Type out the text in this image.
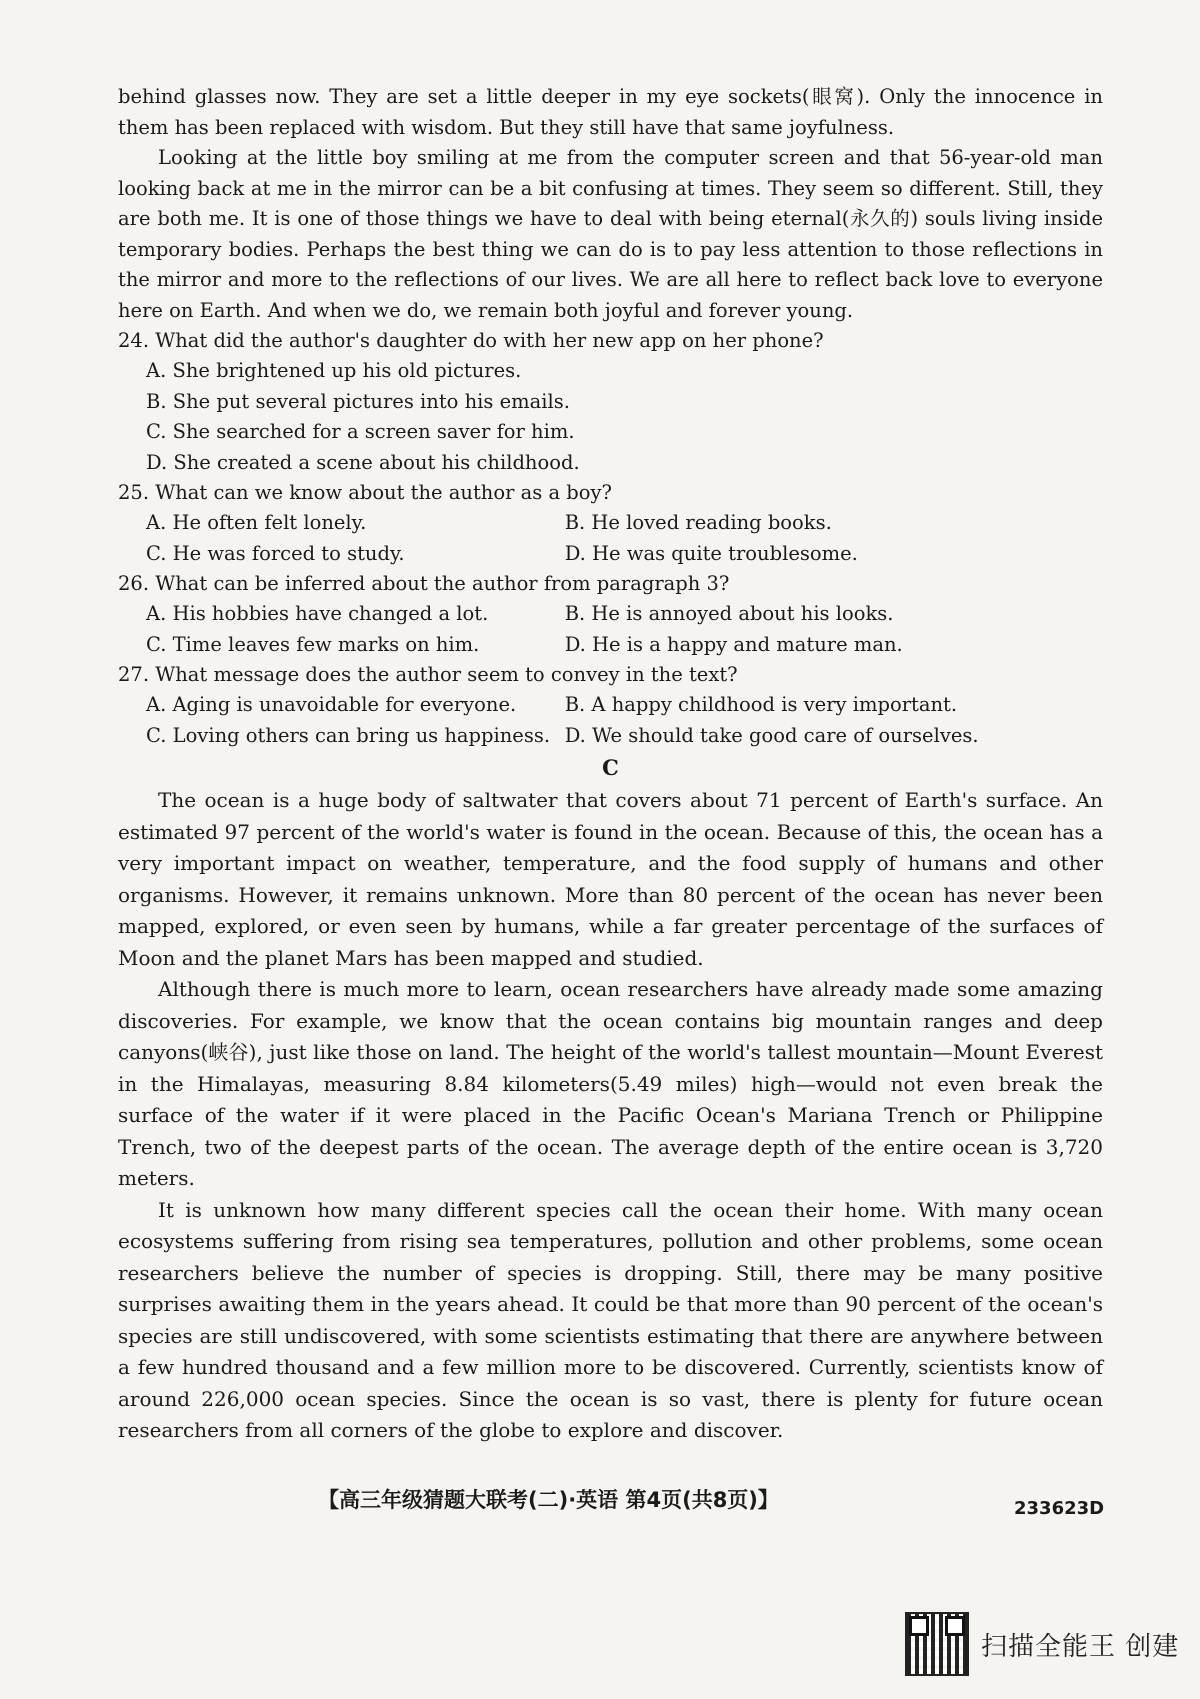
behind glasses now. They are set a little deeper in my eye sockets(眼窝). Only the innocence in them has been replaced with wisdom. But they still have that same joyfulness.

Looking at the little boy smiling at me from the computer screen and that 56-year-old man looking back at me in the mirror can be a bit confusing at times. They seem so different. Still, they are both me. It is one of those things we have to deal with being eternal(永久的) souls living inside temporary bodies. Perhaps the best thing we can do is to pay less attention to those reflections in the mirror and more to the reflections of our lives. We are all here to reflect back love to everyone here on Earth. And when we do, we remain both joyful and forever young.

24. What did the author's daughter do with her new app on her phone?

A. She brightened up his old pictures.
B. She put several pictures into his emails.
C. She searched for a screen saver for him.
D. She created a scene about his childhood.

25. What can we know about the author as a boy?

A. He often felt lonely.	B. He loved reading books.
C. He was forced to study.	D. He was quite troublesome.

26. What can be inferred about the author from paragraph 3?

A. His hobbies have changed a lot.	B. He is annoyed about his looks.
C. Time leaves few marks on him.	D. He is a happy and mature man.

27. What message does the author seem to convey in the text?

A. Aging is unavoidable for everyone.	B. A happy childhood is very important.
C. Loving others can bring us happiness. D. We should take good care of ourselves.

C

The ocean is a huge body of saltwater that covers about 71 percent of Earth's surface. An estimated 97 percent of the world's water is found in the ocean. Because of this, the ocean has a very important impact on weather, temperature, and the food supply of humans and other organisms. However, it remains unknown. More than 80 percent of the ocean has never been mapped, explored, or even seen by humans, while a far greater percentage of the surfaces of Moon and the planet Mars has been mapped and studied.

Although there is much more to learn, ocean researchers have already made some amazing discoveries. For example, we know that the ocean contains big mountain ranges and deep canyons(峡谷), just like those on land. The height of the world's tallest mountain—Mount Everest in the Himalayas, measuring 8.84 kilometers(5.49 miles) high—would not even break the surface of the water if it were placed in the Pacific Ocean's Mariana Trench or Philippine Trench, two of the deepest parts of the ocean. The average depth of the entire ocean is 3,720 meters.

It is unknown how many different species call the ocean their home. With many ocean ecosystems suffering from rising sea temperatures, pollution and other problems, some ocean researchers believe the number of species is dropping. Still, there may be many positive surprises awaiting them in the years ahead. It could be that more than 90 percent of the ocean's species are still undiscovered, with some scientists estimating that there are anywhere between a few hundred thousand and a few million more to be discovered. Currently, scientists know of around 226,000 ocean species. Since the ocean is so vast, there is plenty for future ocean researchers from all corners of the globe to explore and discover.

【高三年级猜题大联考(二)·英语 第4页(共8页)】	233623D
扫描全能王 创建
